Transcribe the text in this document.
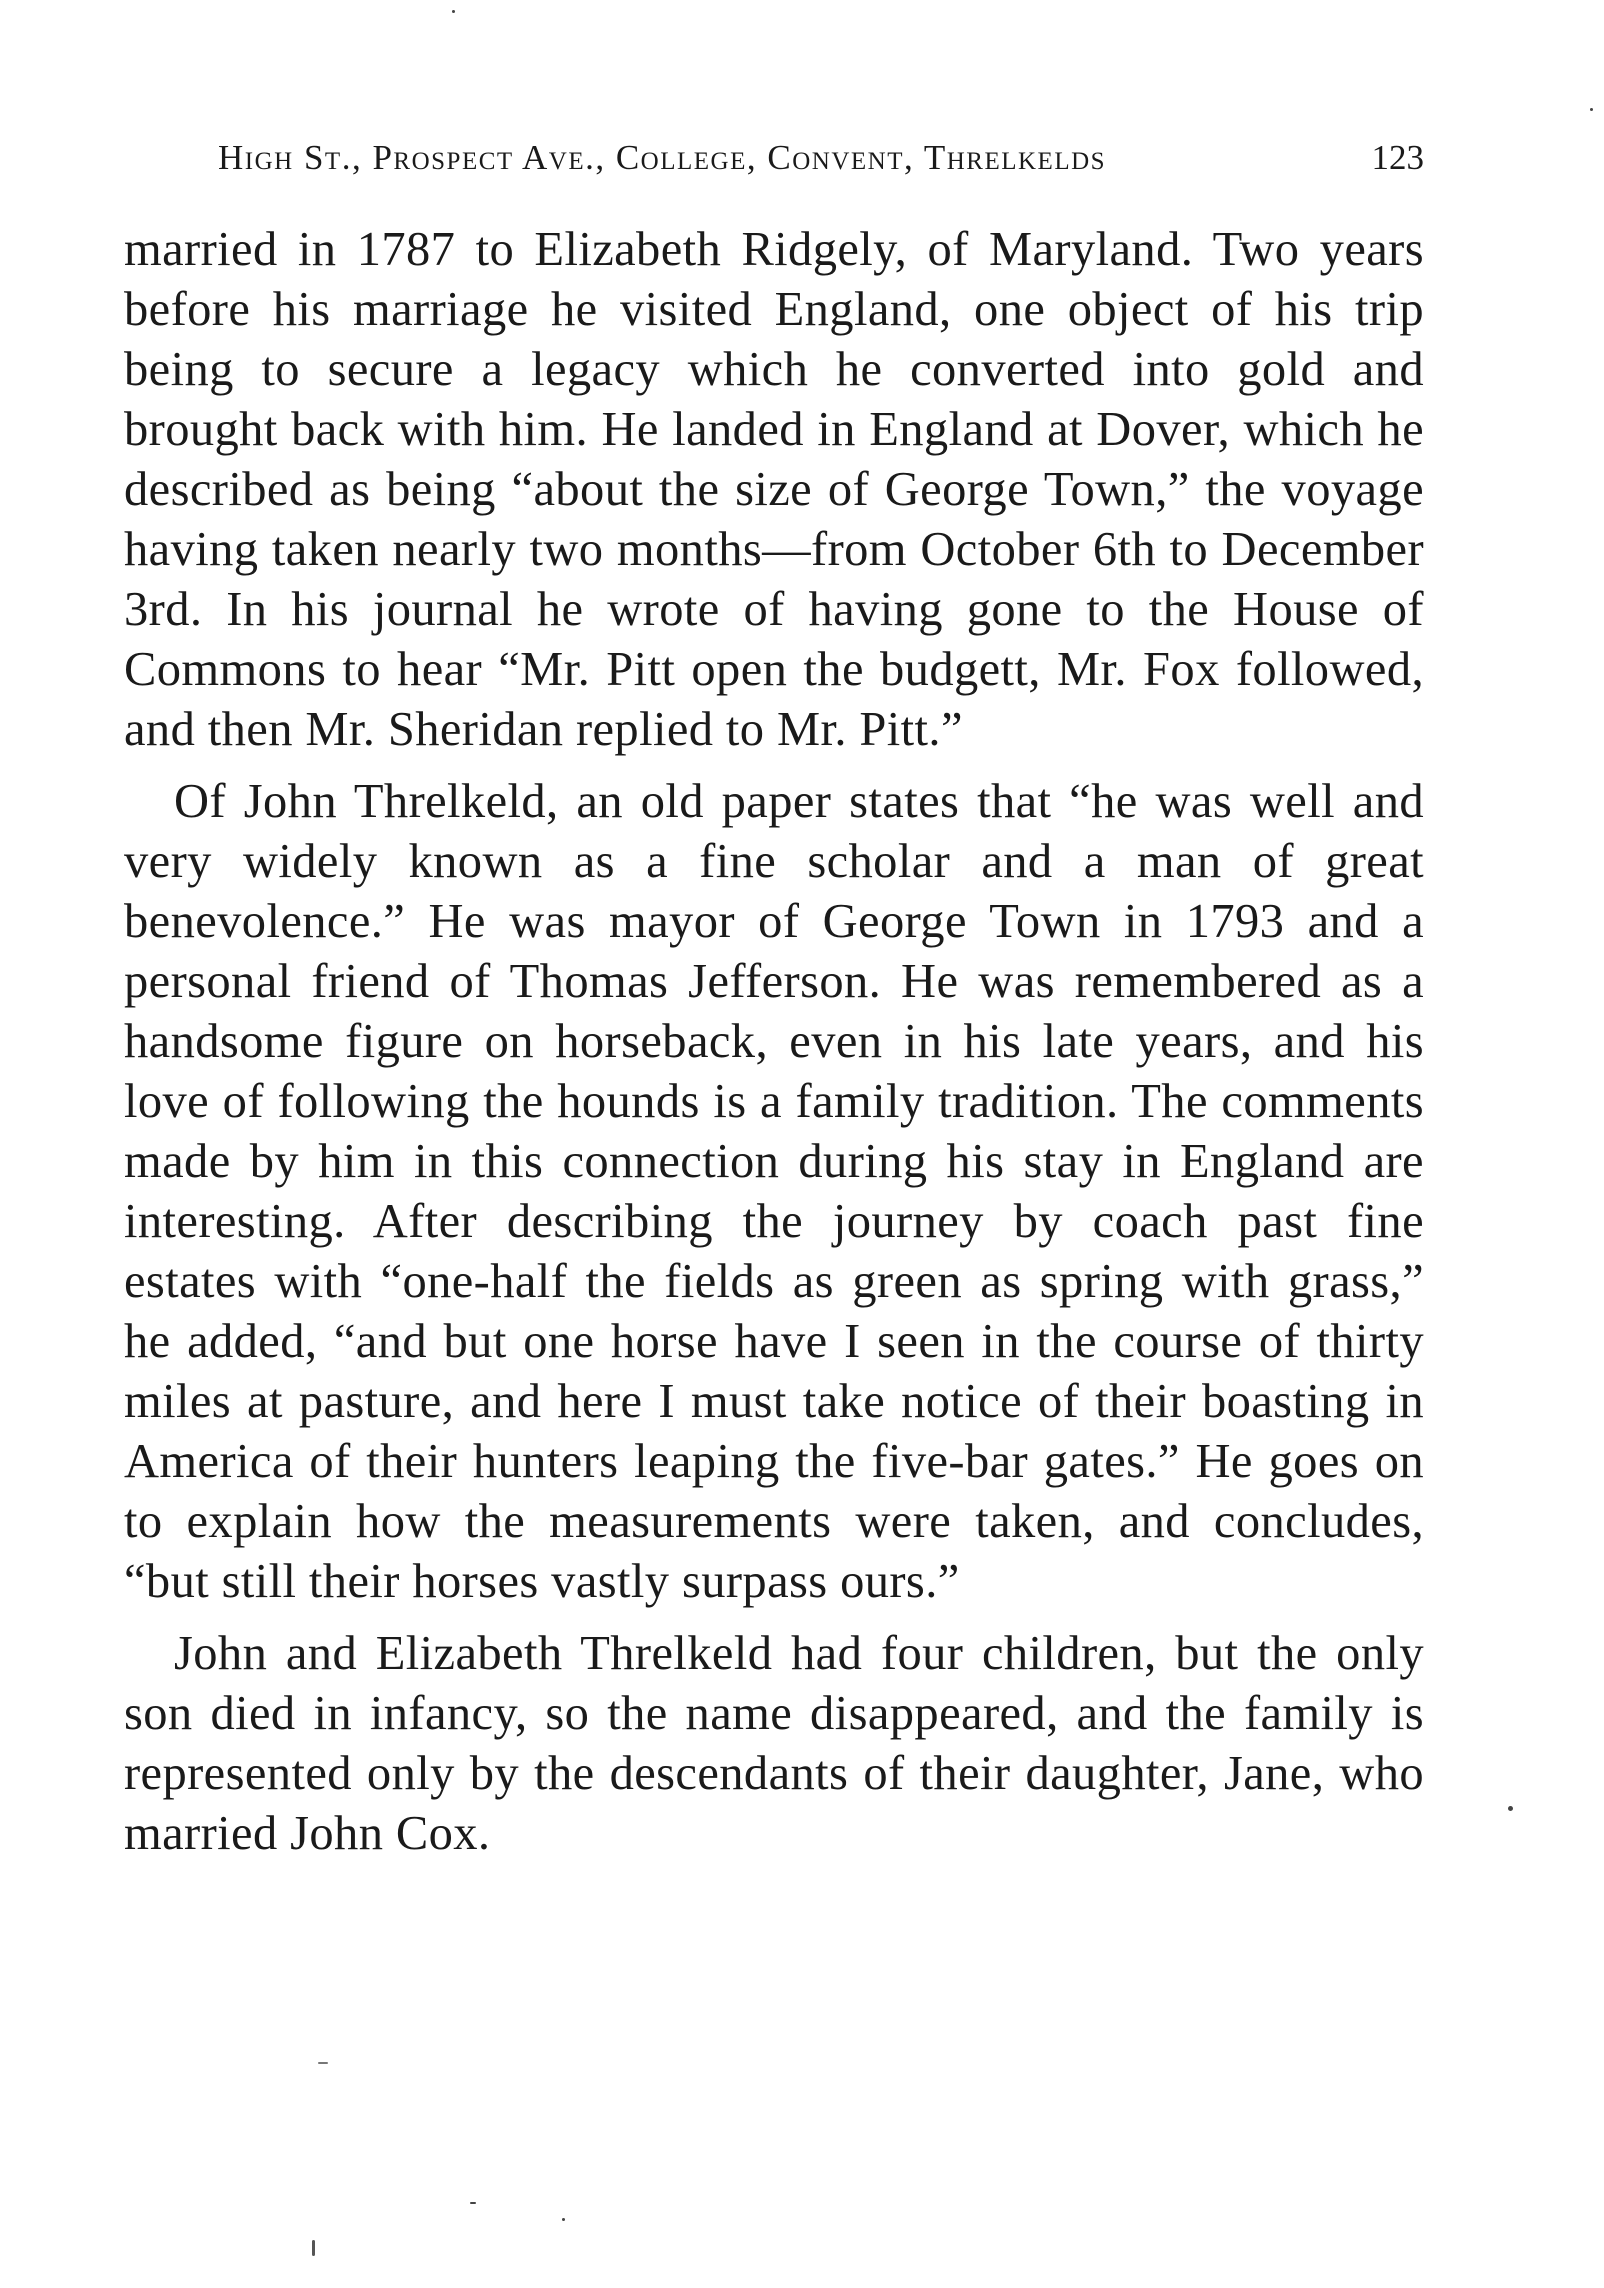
High St., Prospect Ave., College, Convent, Threlkelds	123

married in 1787 to Elizabeth Ridgely, of Maryland. Two years before his marriage he visited England, one object of his trip being to secure a legacy which he converted into gold and brought back with him. He landed in England at Dover, which he described as being “about the size of George Town,” the voyage having taken nearly two months—from October 6th to December 3rd. In his journal he wrote of having gone to the House of Commons to hear “Mr. Pitt open the budgett, Mr. Fox followed, and then Mr. Sheridan replied to Mr. Pitt.”

Of John Threlkeld, an old paper states that “he was well and very widely known as a fine scholar and a man of great benevolence.” He was mayor of George Town in 1793 and a personal friend of Thomas Jefferson. He was remembered as a handsome figure on horseback, even in his late years, and his love of following the hounds is a family tradition. The comments made by him in this connection during his stay in England are interesting. After describing the journey by coach past fine estates with “one-half the fields as green as spring with grass,” he added, “and but one horse have I seen in the course of thirty miles at pasture, and here I must take notice of their boasting in America of their hunters leaping the five-bar gates.” He goes on to explain how the measurements were taken, and concludes, “but still their horses vastly surpass ours.”

John and Elizabeth Threlkeld had four children, but the only son died in infancy, so the name disappeared, and the family is represented only by the descendants of their daughter, Jane, who married John Cox.
